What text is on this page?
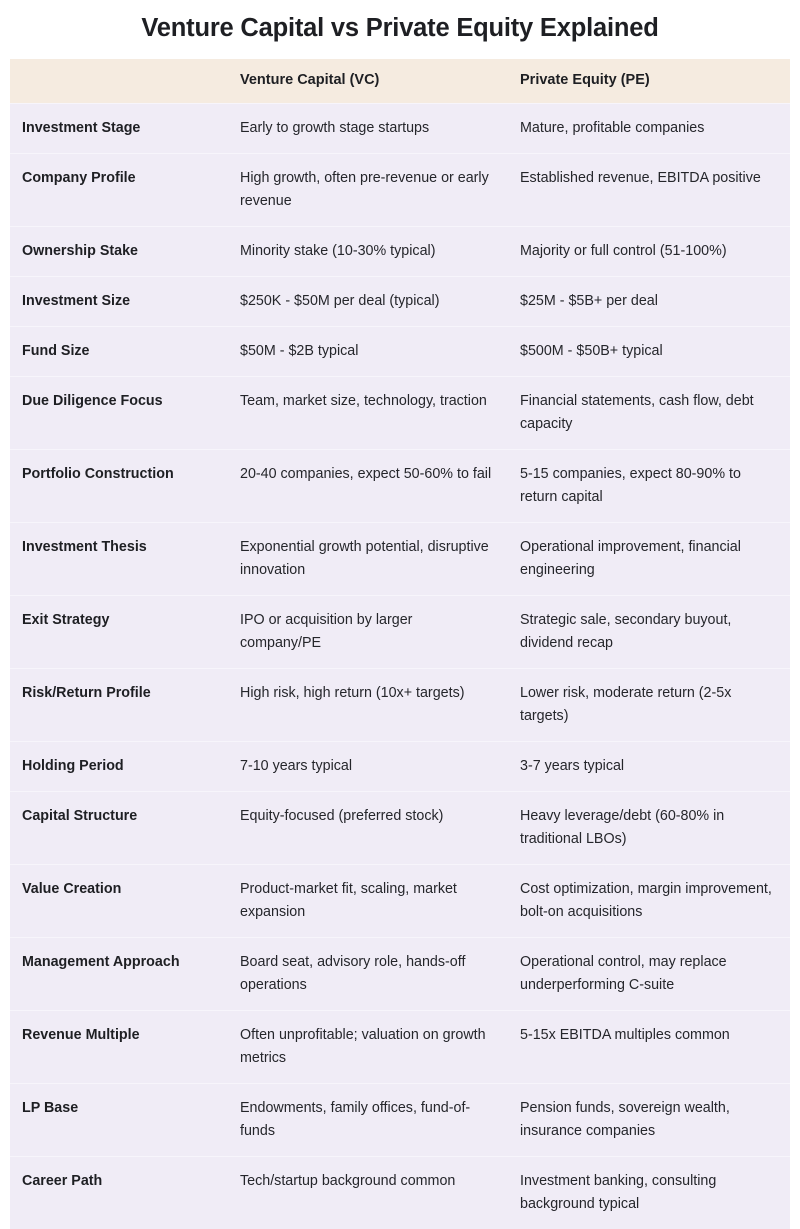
Venture Capital vs Private Equity Explained
	Venture Capital (VC)	Private Equity (PE)
Investment Stage	Early to growth stage startups	Mature, profitable companies
Company Profile	High growth, often pre-revenue or early revenue	Established revenue, EBITDA positive
Ownership Stake	Minority stake (10-30% typical)	Majority or full control (51-100%)
Investment Size	$250K - $50M per deal (typical)	$25M - $5B+ per deal
Fund Size	$50M - $2B typical	$500M - $50B+ typical
Due Diligence Focus	Team, market size, technology, traction	Financial statements, cash flow, debt capacity
Portfolio Construction	20-40 companies, expect 50-60% to fail	5-15 companies, expect 80-90% to return capital
Investment Thesis	Exponential growth potential, disruptive innovation	Operational improvement, financial engineering
Exit Strategy	IPO or acquisition by larger company/PE	Strategic sale, secondary buyout, dividend recap
Risk/Return Profile	High risk, high return (10x+ targets)	Lower risk, moderate return (2-5x targets)
Holding Period	7-10 years typical	3-7 years typical
Capital Structure	Equity-focused (preferred stock)	Heavy leverage/debt (60-80% in traditional LBOs)
Value Creation	Product-market fit, scaling, market expansion	Cost optimization, margin improvement, bolt-on acquisitions
Management Approach	Board seat, advisory role, hands-off operations	Operational control, may replace underperforming C-suite
Revenue Multiple	Often unprofitable; valuation on growth metrics	5-15x EBITDA multiples common
LP Base	Endowments, family offices, fund-of-funds	Pension funds, sovereign wealth, insurance companies
Career Path	Tech/startup background common	Investment banking, consulting background typical
